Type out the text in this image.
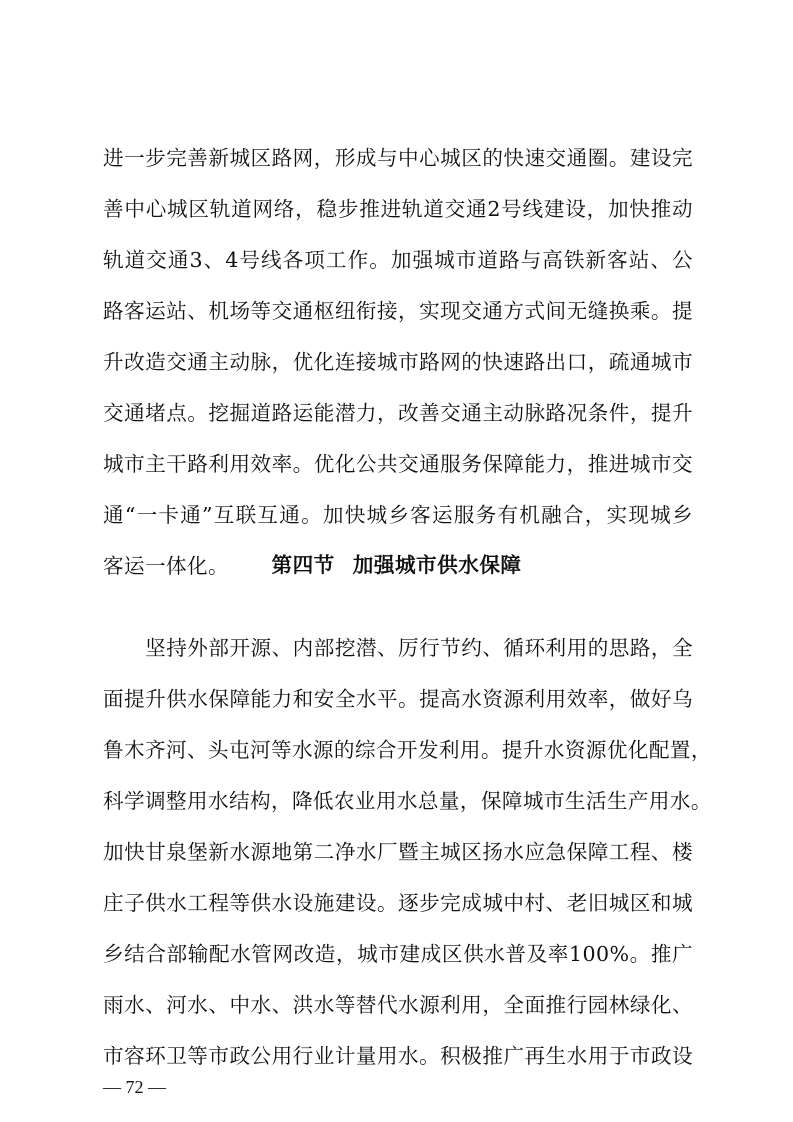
进一步完善新城区路网，形成与中心城区的快速交通圈。建设完
善中心城区轨道网络，稳步推进轨道交通2号线建设，加快推动
轨道交通3、4号线各项工作。加强城市道路与高铁新客站、公
路客运站、机场等交通枢纽衔接，实现交通方式间无缝换乘。提
升改造交通主动脉，优化连接城市路网的快速路出口，疏通城市
交通堵点。挖掘道路运能潜力，改善交通主动脉路况条件，提升
城市主干路利用效率。优化公共交通服务保障能力，推进城市交
通“一卡通”互联互通。加快城乡客运服务有机融合，实现城乡
客运一体化。	第四节 加强城市供水保障
　　坚持外部开源、内部挖潜、厉行节约、循环利用的思路，全
面提升供水保障能力和安全水平。提高水资源利用效率，做好乌
鲁木齐河、头屯河等水源的综合开发利用。提升水资源优化配置，
科学调整用水结构，降低农业用水总量，保障城市生活生产用水。
加快甘泉堡新水源地第二净水厂暨主城区扬水应急保障工程、楼
庄子供水工程等供水设施建设。逐步完成城中村、老旧城区和城
乡结合部输配水管网改造，城市建成区供水普及率100%。推广
雨水、河水、中水、洪水等替代水源利用，全面推行园林绿化、
市容环卫等市政公用行业计量用水。积极推广再生水用于市政设
— 72 —
